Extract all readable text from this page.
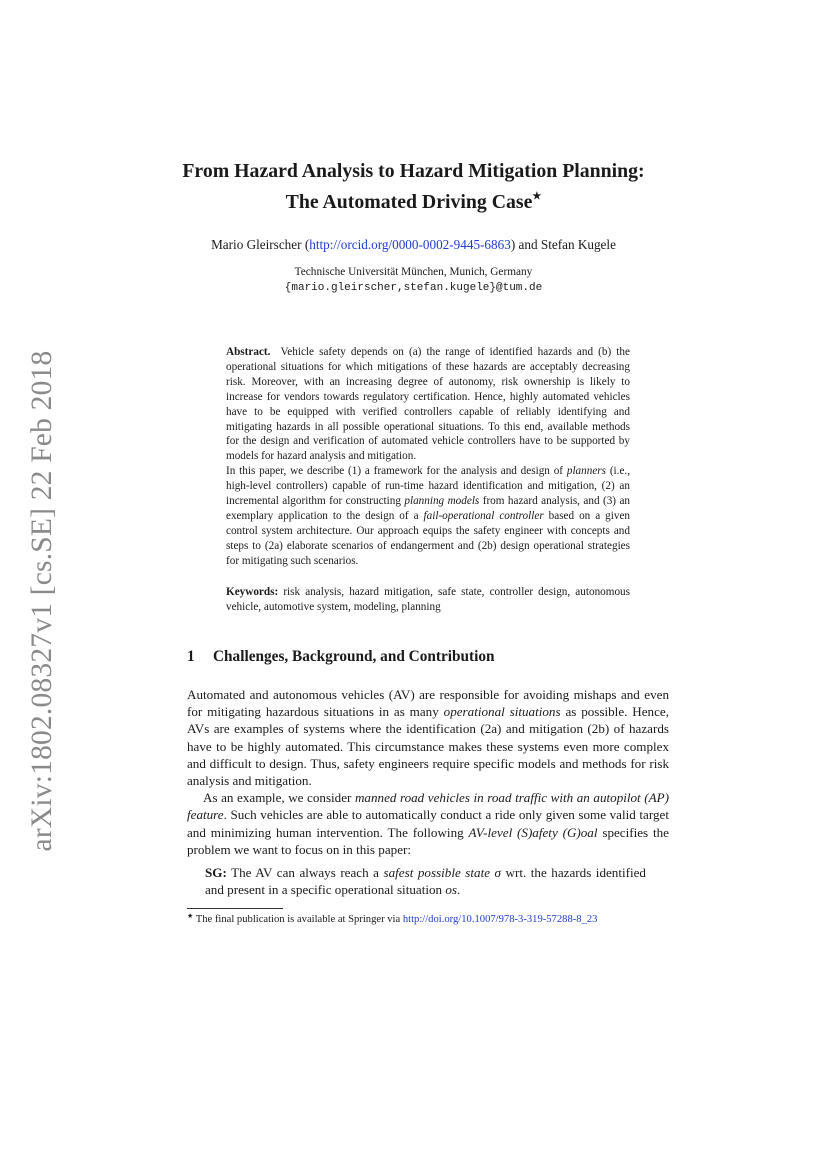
arXiv:1802.08327v1 [cs.SE] 22 Feb 2018
From Hazard Analysis to Hazard Mitigation Planning:
The Automated Driving Case★
Mario Gleirscher (http://orcid.org/0000-0002-9445-6863) and Stefan Kugele
Technische Universität München, Munich, Germany
{mario.gleirscher,stefan.kugele}@tum.de

Abstract. Vehicle safety depends on (a) the range of identified hazards and (b) the operational situations for which mitigations of these hazards are acceptably decreasing risk. Moreover, with an increasing degree of autonomy, risk ownership is likely to increase for vendors towards regulatory certification. Hence, highly automated vehicles have to be equipped with verified controllers capable of reliably identifying and mitigating hazards in all possible operational situations. To this end, available methods for the design and verification of automated vehicle controllers have to be supported by models for hazard analysis and mitigation.

In this paper, we describe (1) a framework for the analysis and design of planners (i.e., high-level controllers) capable of run-time hazard identification and mitigation, (2) an incremental algorithm for constructing planning models from hazard analysis, and (3) an exemplary application to the design of a fail-operational controller based on a given control system architecture. Our approach equips the safety engineer with concepts and steps to (2a) elaborate scenarios of endangerment and (2b) design operational strategies for mitigating such scenarios.

Keywords: risk analysis, hazard mitigation, safe state, controller design, autonomous vehicle, automotive system, modeling, planning

1 Challenges, Background, and Contribution

Automated and autonomous vehicles (AV) are responsible for avoiding mishaps and even for mitigating hazardous situations in as many operational situations as possible. Hence, AVs are examples of systems where the identification (2a) and mitigation (2b) of hazards have to be highly automated. This circumstance makes these systems even more complex and difficult to design. Thus, safety engineers require specific models and methods for risk analysis and mitigation.

As an example, we consider manned road vehicles in road traffic with an autopilot (AP) feature. Such vehicles are able to automatically conduct a ride only given some valid target and minimizing human intervention. The following AV-level (S)afety (G)oal specifies the problem we want to focus on in this paper:

SG: The AV can always reach a safest possible state σ wrt. the hazards identified and present in a specific operational situation os.

★ The final publication is available at Springer via http://doi.org/10.1007/978-3-319-57288-8_23
